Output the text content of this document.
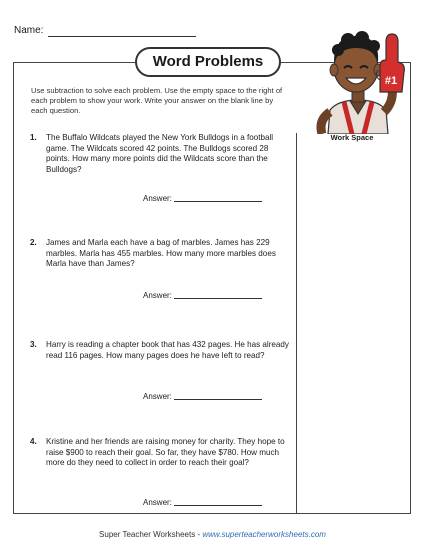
Name:
Word Problems
#1
Use subtraction to solve each problem. Use the empty space to the right of each problem to show your work. Write your answer on the blank line by each question.
Work Space
1. The Buffalo Wildcats played the New York Bulldogs in a football game. The Wildcats scored 42 points. The Bulldogs scored 28 points. How many more points did the Wildcats score than the Bulldogs?
Answer:
2. James and Marla each have a bag of marbles. James has 229 marbles. Marla has 455 marbles. How many more marbles does Marla have than James?
Answer:
3. Harry is reading a chapter book that has 432 pages. He has already read 116 pages. How many pages does he have left to read?
Answer:
4. Kristine and her friends are raising money for charity. They hope to raise $900 to reach their goal. So far, they have $780. How much more do they need to collect in order to reach their goal?
Answer:
Super Teacher Worksheets - www.superteacherworksheets.com
